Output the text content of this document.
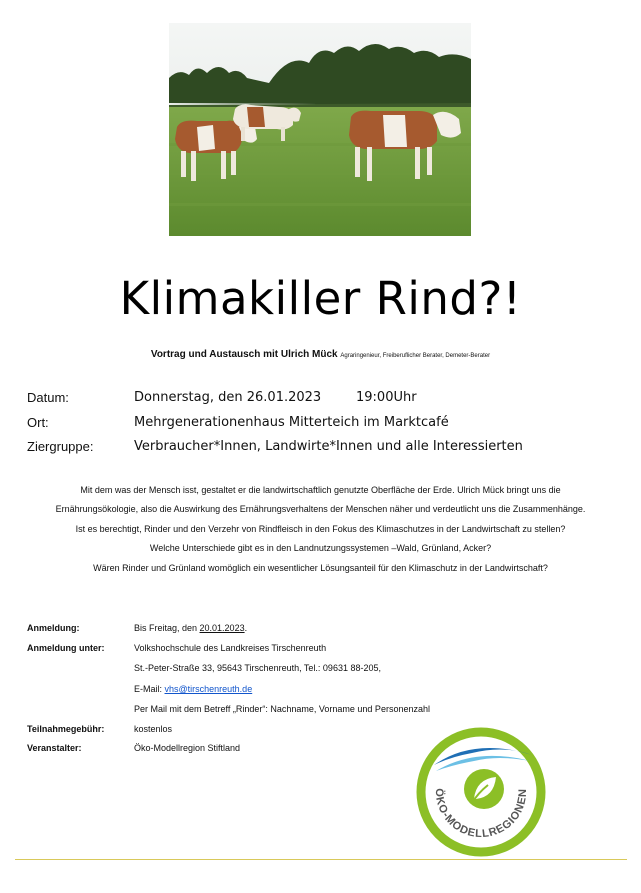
Klimakiller Rind?!
Vortrag und Austausch mit Ulrich Mück Agraringenieur, Freiberuflicher Berater, Demeter-Berater
Datum:	Donnerstag, den 26.01.2023	19:00Uhr
Ort:	Mehrgenerationenhaus Mitterteich im Marktcafé
Ziergruppe:	Verbraucher*Innen, Landwirte*Innen und alle Interessierten
Mit dem was der Mensch isst, gestaltet er die landwirtschaftlich genutzte Oberfläche der Erde. Ulrich Mück bringt uns die
Ernährungsökologie, also die Auswirkung des Ernährungsverhaltens der Menschen näher und verdeutlicht uns die Zusammenhänge.
Ist es berechtigt, Rinder und den Verzehr von Rindfleisch in den Fokus des Klimaschutzes in der Landwirtschaft zu stellen?
Welche Unterschiede gibt es in den Landnutzungssystemen –Wald, Grünland, Acker?
Wären Rinder und Grünland womöglich ein wesentlicher Lösungsanteil für den Klimaschutz in der Landwirtschaft?
Anmeldung:	Bis Freitag, den 20.01.2023.
Anmeldung unter:	Volkshochschule des Landkreises Tirschenreuth
St.-Peter-Straße 33, 95643 Tirschenreuth, Tel.: 09631 88-205,
E-Mail: vhs@tirschenreuth.de
Per Mail mit dem Betreff „Rinder“: Nachname, Vorname und Personenzahl
Teilnahmegebühr:	kostenlos
Veranstalter:	Öko-Modellregion Stiftland
ÖKO-MODELLREGIONEN
